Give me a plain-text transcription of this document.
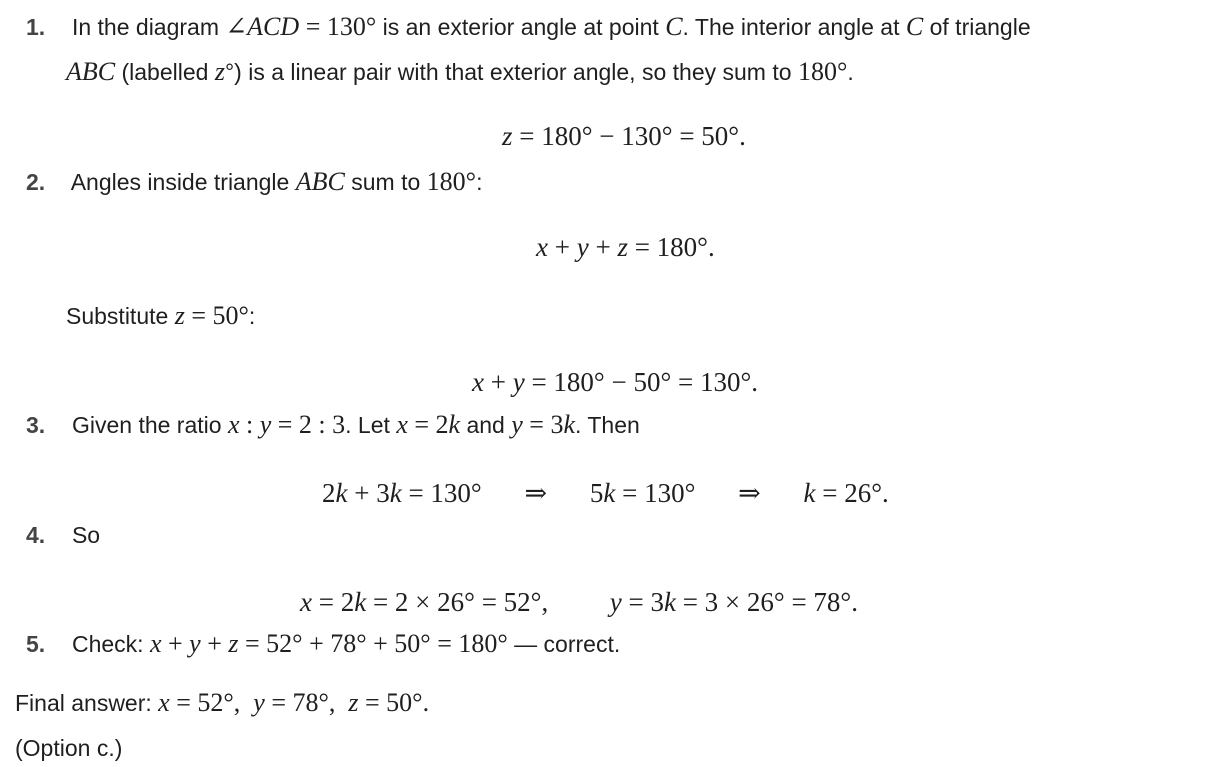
1. In the diagram ∠ACD = 130° is an exterior angle at point C. The interior angle at C of triangle
ABC (labelled z°) is a linear pair with that exterior angle, so they sum to 180°.
z = 180° − 130° = 50°.
2. Angles inside triangle ABC sum to 180°:
x + y + z = 180°.
Substitute z = 50°:
x + y = 180° − 50° = 130°.
3. Given the ratio x : y = 2 : 3. Let x = 2k and y = 3k. Then
2k + 3k = 130° ⇒ 5k = 130° ⇒ k = 26°.
4. So
x = 2k = 2 × 26° = 52°, y = 3k = 3 × 26° = 78°.
5. Check: x + y + z = 52° + 78° + 50° = 180° — correct.
Final answer: x = 52°, y = 78°, z = 50°.
(Option c.)
